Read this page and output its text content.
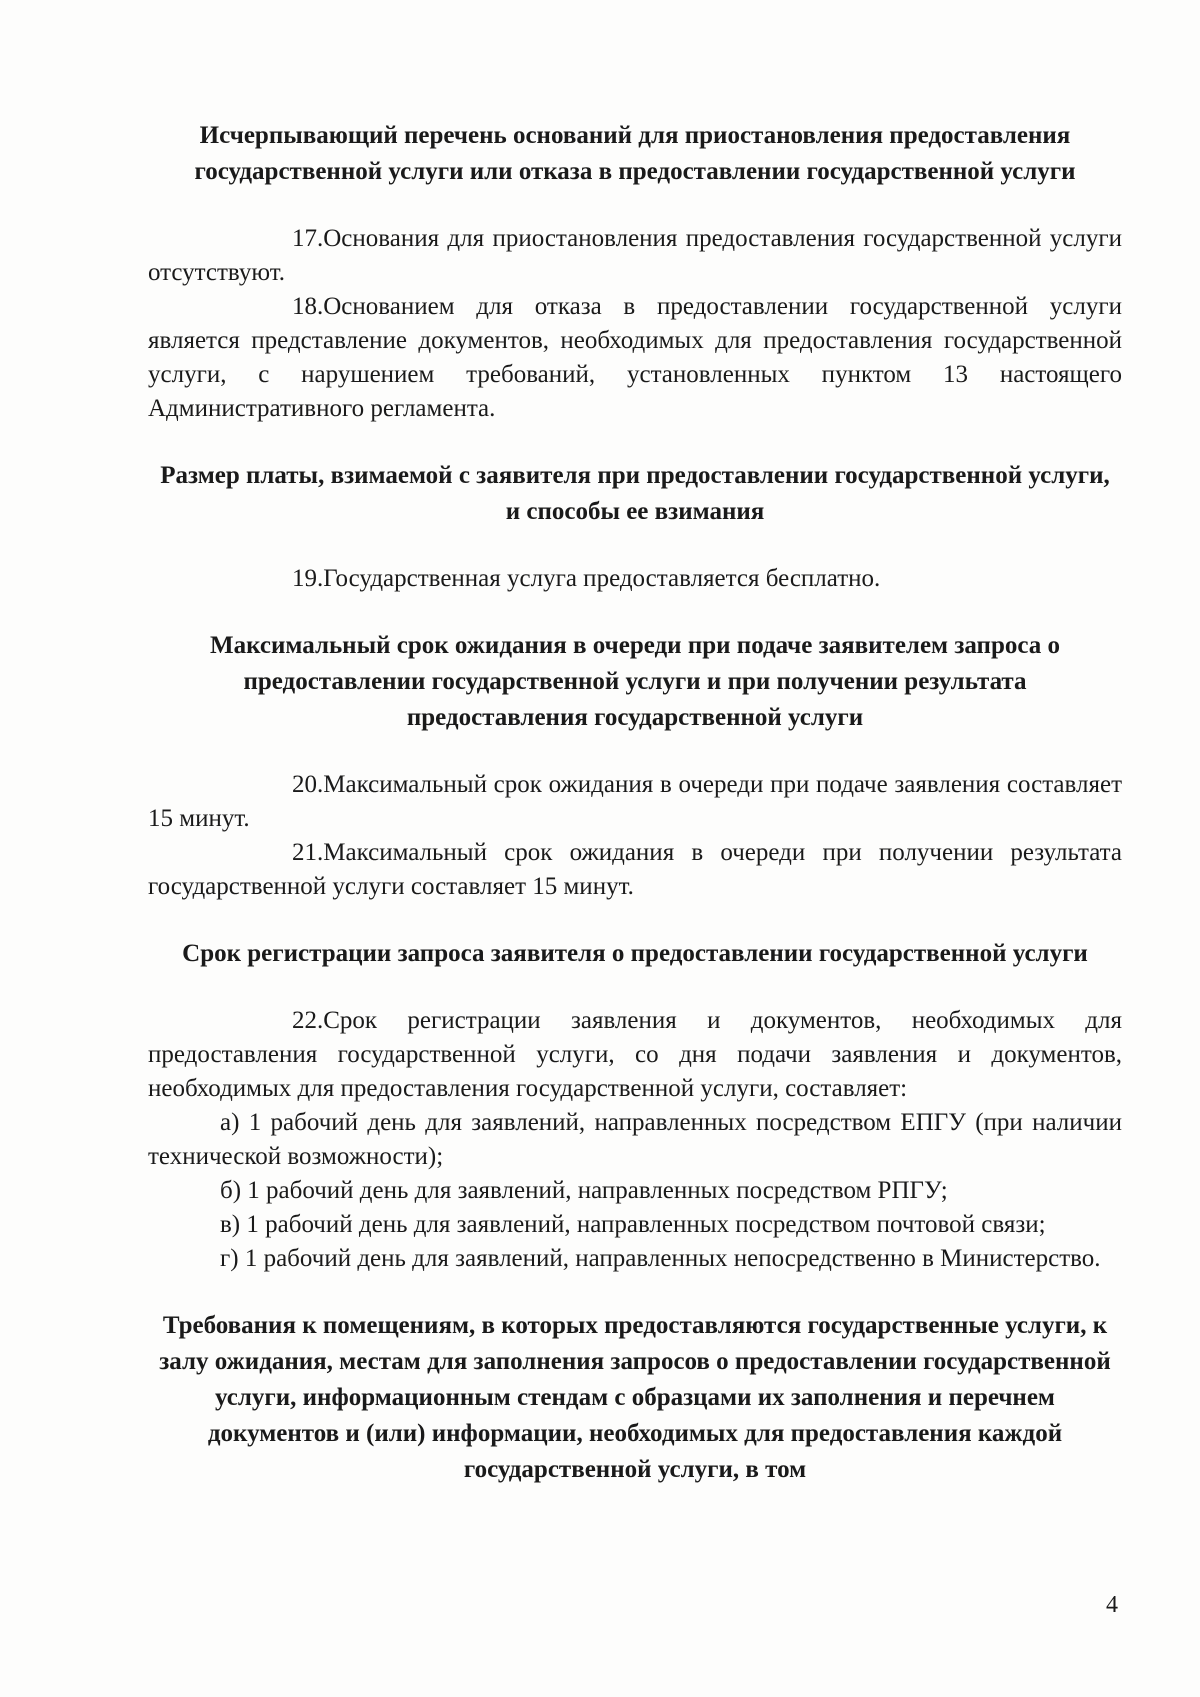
Исчерпывающий перечень оснований для приостановления предоставления государственной услуги или отказа в предоставлении государственной услуги

17.Основания для приостановления предоставления государственной услуги отсутствуют.

18.Основанием для отказа в предоставлении государственной услуги является представление документов, необходимых для предоставления государственной услуги, с нарушением требований, установленных пунктом 13 настоящего Административного регламента.

Размер платы, взимаемой с заявителя при предоставлении государственной услуги, и способы ее взимания

19.Государственная услуга предоставляется бесплатно.

Максимальный срок ожидания в очереди при подаче заявителем запроса о предоставлении государственной услуги и при получении результата предоставления государственной услуги

20.Максимальный срок ожидания в очереди при подаче заявления составляет 15 минут.

21.Максимальный срок ожидания в очереди при получении результата государственной услуги составляет 15 минут.

Срок регистрации запроса заявителя о предоставлении государственной услуги

22.Срок регистрации заявления и документов, необходимых для предоставления государственной услуги, со дня подачи заявления и документов, необходимых для предоставления государственной услуги, составляет:

а) 1 рабочий день для заявлений, направленных посредством ЕПГУ (при наличии технической возможности);

б) 1 рабочий день для заявлений, направленных посредством РПГУ;

в) 1 рабочий день для заявлений, направленных посредством почтовой связи;

г) 1 рабочий день для заявлений, направленных непосредственно в Министерство.

Требования к помещениям, в которых предоставляются государственные услуги, к залу ожидания, местам для заполнения запросов о предоставлении государственной услуги, информационным стендам с образцами их заполнения и перечнем документов и (или) информации, необходимых для предоставления каждой государственной услуги, в том
4
